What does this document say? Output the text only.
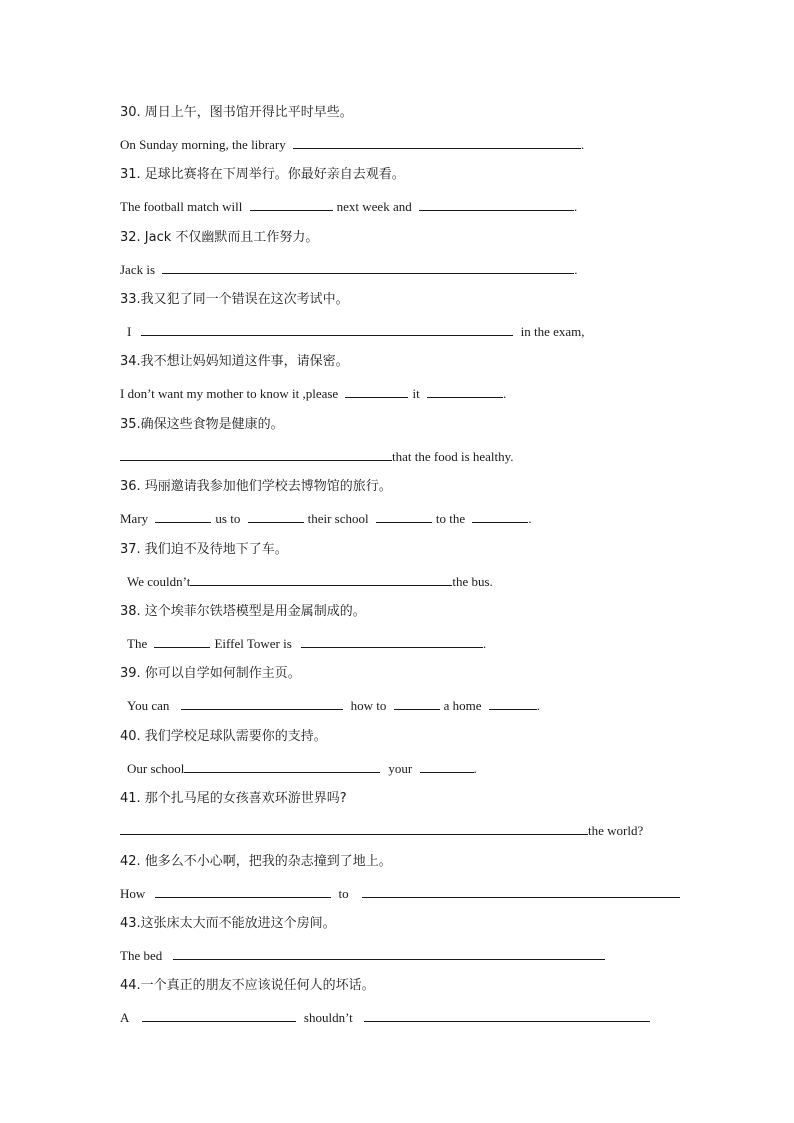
30. 周日上午，图书馆开得比平时早些。
On Sunday morning, the library	.
31. 足球比赛将在下周举行。你最好亲自去观看。
The football match will	next week and	.
32. Jack 不仅幽默而且工作努力。
Jack is	.
33.我又犯了同一个错误在这次考试中。
I	in the exam,
34.我不想让妈妈知道这件事，请保密。
I don’t want my mother to know it ,please	it	.
35.确保这些食物是健康的。
that the food is healthy.
36. 玛丽邀请我参加他们学校去博物馆的旅行。
Mary	us to	their school	to the	.
37. 我们迫不及待地下了车。
We couldn’t	the bus.
38. 这个埃菲尔铁塔模型是用金属制成的。
The	Eiffel Tower is	.
39. 你可以自学如何制作主页。
You can	how to	a home	.
40. 我们学校足球队需要你的支持。
Our school	your	.
41. 那个扎马尾的女孩喜欢环游世界吗?
the world?
42. 他多么不小心啊，把我的杂志撞到了地上。
How	to
43.这张床太大而不能放进这个房间。
The bed
44.一个真正的朋友不应该说任何人的坏话。
A	shouldn’t
